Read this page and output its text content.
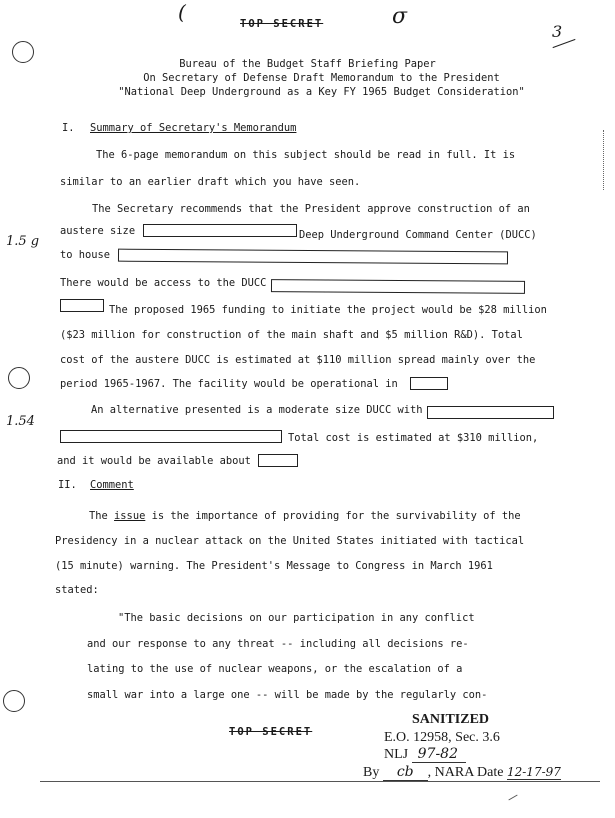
(	σ
TOP SECRET	3
Bureau of the Budget Staff Briefing Paper
On Secretary of Defense Draft Memorandum to the President
"National Deep Underground as a Key FY 1965 Budget Consideration"
I. Summary of Secretary's Memorandum
The 6-page memorandum on this subject should be read in full. It is
similar to an earlier draft which you have seen.
The Secretary recommends that the President approve construction of an
austere size	Deep Underground Command Center (DUCC)
1.5 g
to house
There would be access to the DUCC
The proposed 1965 funding to initiate the project would be $28 million
($23 million for construction of the main shaft and $5 million R&D). Total
cost of the austere DUCC is estimated at $110 million spread mainly over the
period 1965-1967. The facility would be operational in
An alternative presented is a moderate size DUCC with
1.54
Total cost is estimated at $310 million,
and it would be available about
II. Comment
The issue is the importance of providing for the survivability of the
Presidency in a nuclear attack on the United States initiated with tactical
(15 minute) warning. The President's Message to Congress in March 1961
stated:
"The basic decisions on our participation in any conflict
and our response to any threat -- including all decisions re-
lating to the use of nuclear weapons, or the escalation of a
small war into a large one -- will be made by the regularly con-
TOP SECRET
SANITIZED
E.O. 12958, Sec. 3.6
NLJ 97-82
By cb , NARA Date 12-17-97
